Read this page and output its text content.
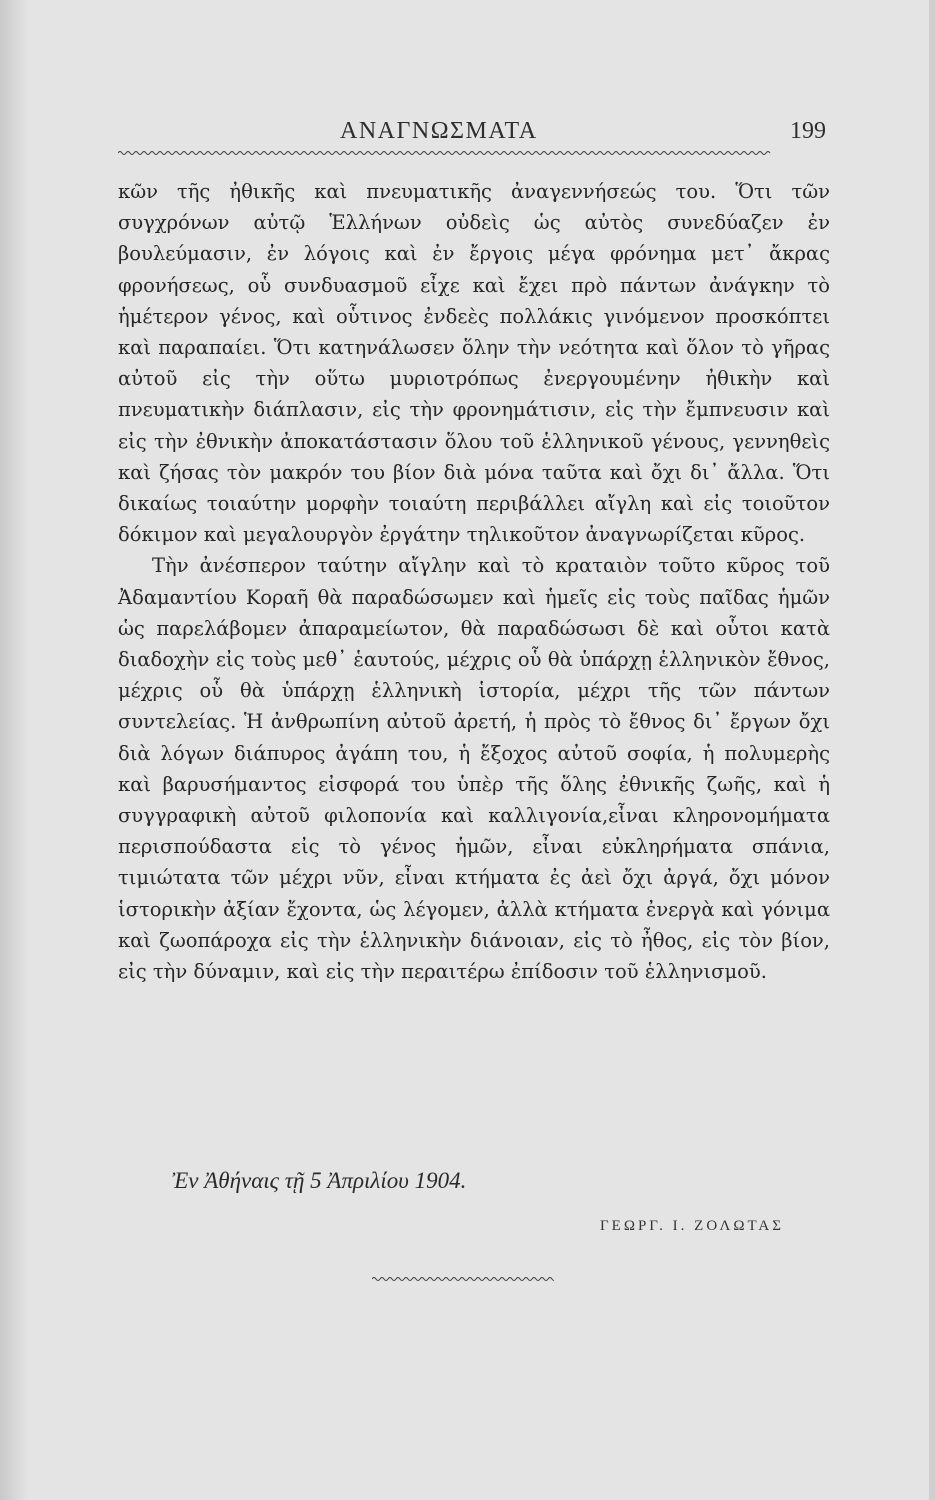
ΑΝΑΓΝΩΣΜΑΤΑ	199

κῶν τῆς ἠθικῆς καὶ πνευματικῆς ἀναγεννήσεώς του. Ὅτι τῶν συγχρόνων αὐτῷ Ἑλλήνων οὐδεὶς ὡς αὐτὸς συνεδύαζεν ἐν βουλεύμασιν, ἐν λόγοις καὶ ἐν ἔργοις μέγα φρόνημα μετ᾽ ἄκρας φρονήσεως, οὗ συνδυασμοῦ εἶχε καὶ ἔχει πρὸ πάντων ἀνάγκην τὸ ἡμέτερον γένος, καὶ οὗτινος ἐνδεὲς πολλάκις γινόμενον προσκόπτει καὶ παραπαίει. Ὅτι κατηνάλωσεν ὅλην τὴν νεότητα καὶ ὅλον τὸ γῆρας αὐτοῦ εἰς τὴν οὕτω μυριοτρόπως ἐνεργουμένην ἠθικὴν καὶ πνευματικὴν διάπλασιν, εἰς τὴν φρονημάτισιν, εἰς τὴν ἔμπνευσιν καὶ εἰς τὴν ἐθνικὴν ἀποκατάστασιν ὅλου τοῦ ἑλληνικοῦ γένους, γεννηθεὶς καὶ ζήσας τὸν μακρόν του βίον διὰ μόνα ταῦτα καὶ ὄχι δι᾽ ἄλλα. Ὅτι δικαίως τοιαύτην μορφὴν τοιαύτη περιβάλλει αἴγλη καὶ εἰς τοιοῦτον δόκιμον καὶ μεγαλουργὸν ἐργάτην τηλικοῦτον ἀναγνωρίζεται κῦρος.

Τὴν ἀνέσπερον ταύτην αἴγλην καὶ τὸ κραταιὸν τοῦτο κῦρος τοῦ Ἀδαμαντίου Κοραῆ θὰ παραδώσωμεν καὶ ἡμεῖς εἰς τοὺς παῖδας ἡμῶν ὡς παρελάβομεν ἀπαραμείωτον, θὰ παραδώσωσι δὲ καὶ οὗτοι κατὰ διαδοχὴν εἰς τοὺς μεθ᾽ ἑαυτούς, μέχρις οὗ θὰ ὑπάρχῃ ἑλληνικὸν ἔθνος, μέχρις οὗ θὰ ὑπάρχῃ ἑλληνικὴ ἱστορία, μέχρι τῆς τῶν πάντων συντελείας. Ἡ ἀνθρωπίνη αὐτοῦ ἀρετή, ἡ πρὸς τὸ ἔθνος δι᾽ ἔργων ὄχι διὰ λόγων διάπυρος ἀγάπη του, ἡ ἔξοχος αὐτοῦ σοφία, ἡ πολυμερὴς καὶ βαρυσήμαντος εἰσφορά του ὑπὲρ τῆς ὅλης ἐθνικῆς ζωῆς, καὶ ἡ συγγραφικὴ αὐτοῦ φιλοπονία καὶ καλλιγονία,εἶναι κληρονομήματα περισπούδαστα εἰς τὸ γένος ἡμῶν, εἶναι εὐκληρήματα σπάνια, τιμιώτατα τῶν μέχρι νῦν, εἶναι κτήματα ἐς ἀεὶ ὄχι ἀργά, ὄχι μόνον ἱστορικὴν ἀξίαν ἔχοντα, ὡς λέγομεν, ἀλλὰ κτήματα ἐνεργὰ καὶ γόνιμα καὶ ζωοπάροχα εἰς τὴν ἑλληνικὴν διάνοιαν, εἰς τὸ ἦθος, εἰς τὸν βίον, εἰς τὴν δύναμιν, καὶ εἰς τὴν περαιτέρω ἐπίδοσιν τοῦ ἑλληνισμοῦ.

Ἐν Ἀθήναις τῇ 5 Ἀπριλίου 1904.
ΓΕΩΡΓ. Ι. ΖΟΛΩΤΑΣ
